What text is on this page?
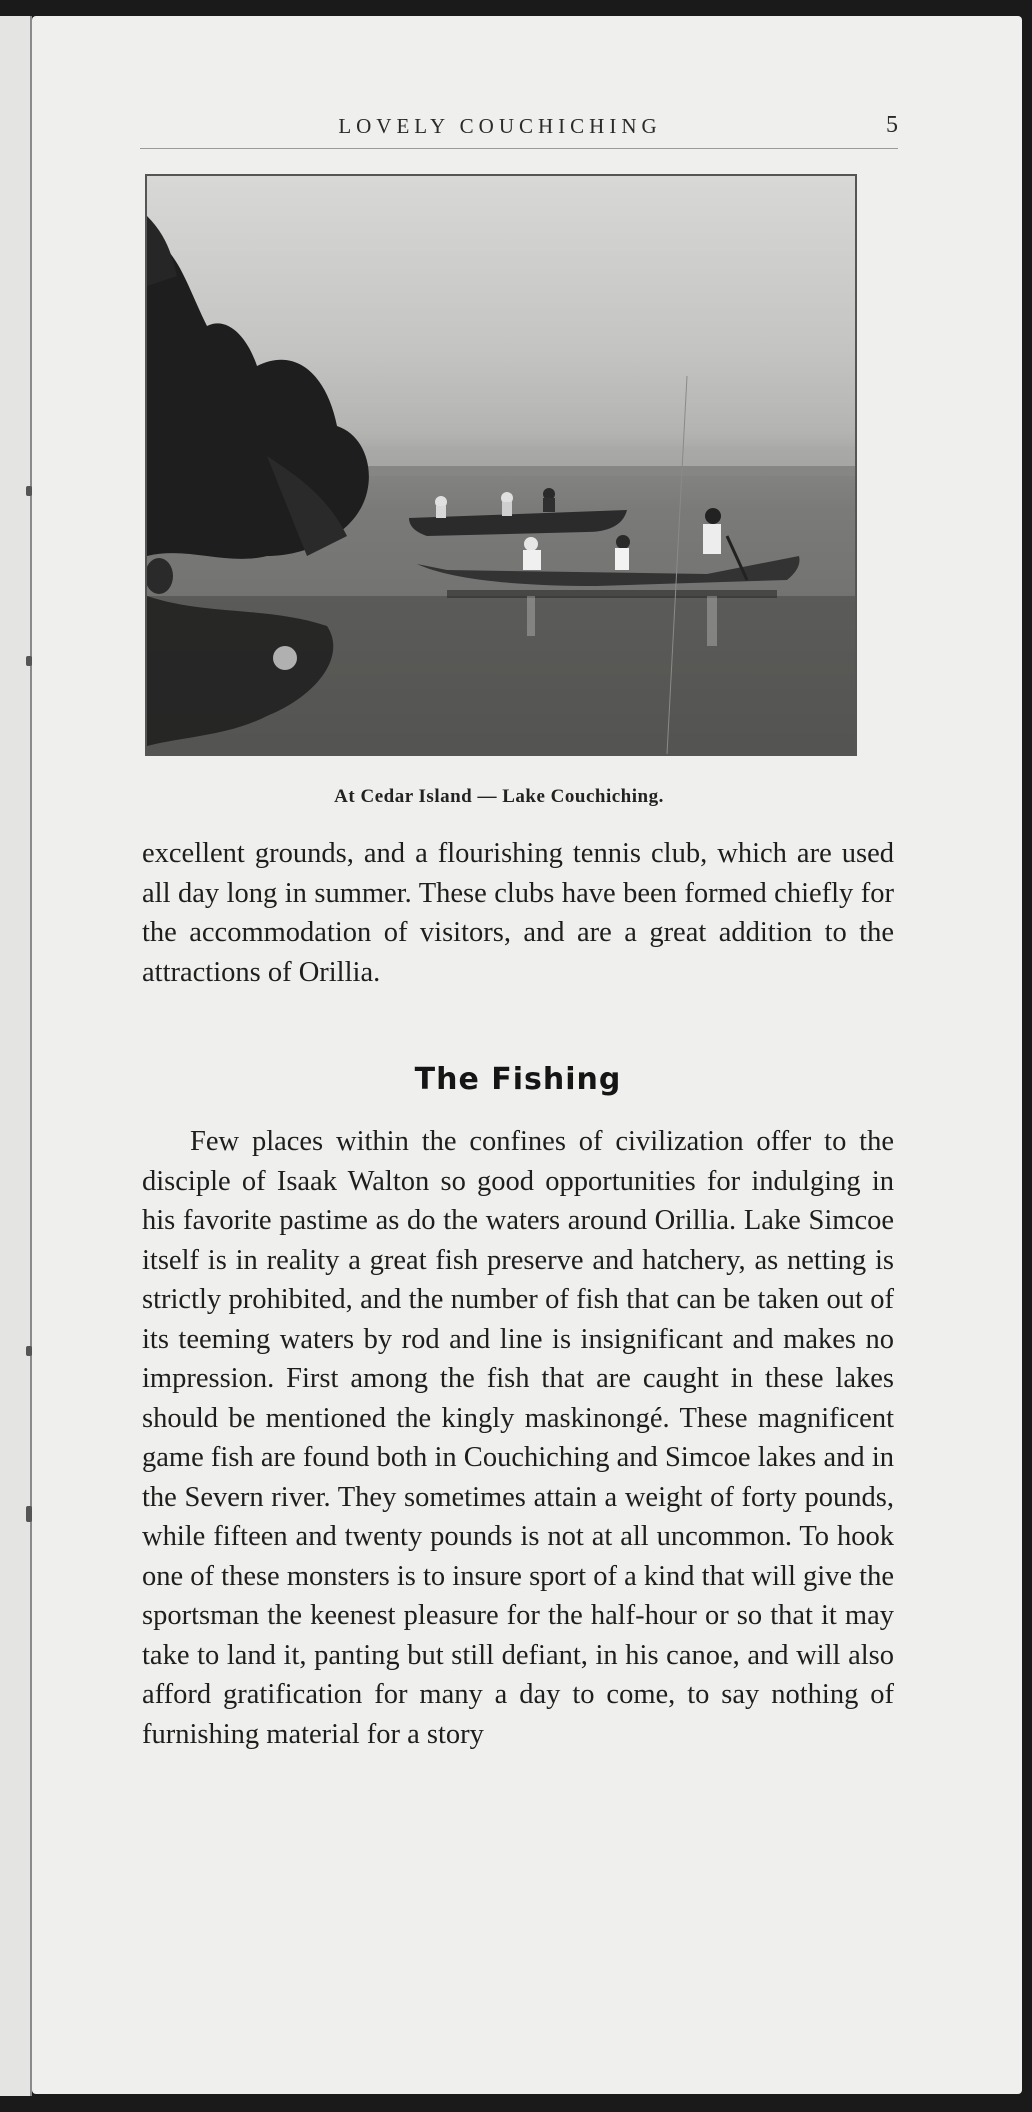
LOVELY COUCHICHING	5
At Cedar Island — Lake Couchiching.

excellent grounds, and a flourishing tennis club, which are used all day long in summer. These clubs have been formed chiefly for the accommodation of visitors, and are a great addition to the attractions of Orillia.

The Fishing

Few places within the confines of civilization offer to the disciple of Isaak Walton so good opportunities for indulging in his favorite pastime as do the waters around Orillia. Lake Simcoe itself is in reality a great fish preserve and hatchery, as netting is strictly prohibited, and the number of fish that can be taken out of its teeming waters by rod and line is insignificant and makes no impression. First among the fish that are caught in these lakes should be mentioned the kingly maskinongé. These magnificent game fish are found both in Couchiching and Simcoe lakes and in the Severn river. They sometimes attain a weight of forty pounds, while fifteen and twenty pounds is not at all uncommon. To hook one of these monsters is to insure sport of a kind that will give the sportsman the keenest pleasure for the half-hour or so that it may take to land it, panting but still defiant, in his canoe, and will also afford gratification for many a day to come, to say nothing of furnishing material for a story
